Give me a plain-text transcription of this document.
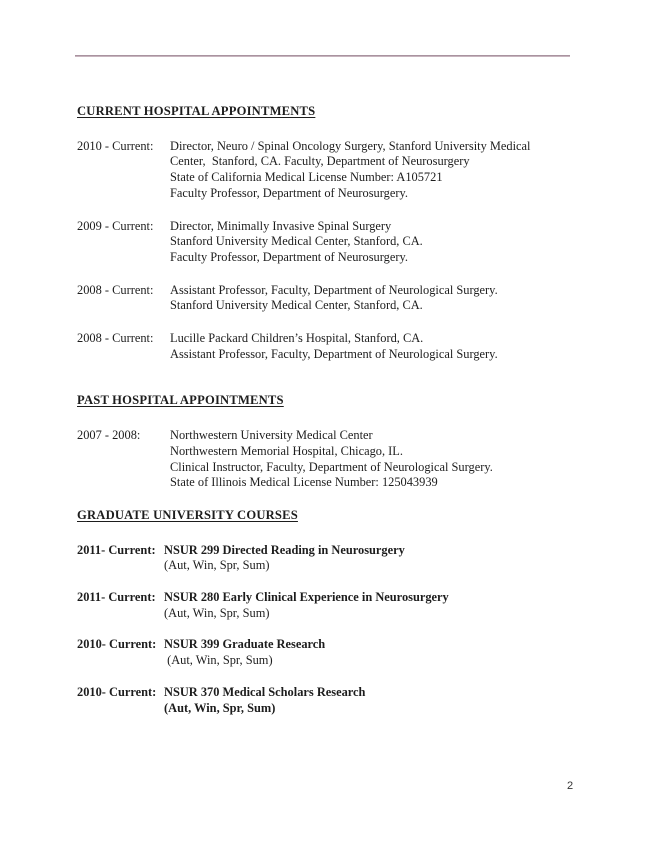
CURRENT HOSPITAL APPOINTMENTS
2010 - Current:	Director, Neuro / Spinal Oncology Surgery, Stanford University Medical
Center,  Stanford, CA. Faculty, Department of Neurosurgery
State of California Medical License Number: A105721
Faculty Professor, Department of Neurosurgery.
2009 - Current:	Director, Minimally Invasive Spinal Surgery
Stanford University Medical Center, Stanford, CA.
Faculty Professor, Department of Neurosurgery.
2008 - Current:	Assistant Professor, Faculty, Department of Neurological Surgery.
Stanford University Medical Center, Stanford, CA.
2008 - Current:	Lucille Packard Children’s Hospital, Stanford, CA.
Assistant Professor, Faculty, Department of Neurological Surgery.
PAST HOSPITAL APPOINTMENTS
2007 - 2008:	Northwestern University Medical Center
Northwestern Memorial Hospital, Chicago, IL.
Clinical Instructor, Faculty, Department of Neurological Surgery.
State of Illinois Medical License Number: 125043939
GRADUATE UNIVERSITY COURSES
2011- Current: NSUR 299 Directed Reading in Neurosurgery
(Aut, Win, Spr, Sum)
2011- Current: NSUR 280 Early Clinical Experience in Neurosurgery
(Aut, Win, Spr, Sum)
2010- Current: NSUR 399 Graduate Research
(Aut, Win, Spr, Sum)
2010- Current: NSUR 370 Medical Scholars Research
(Aut, Win, Spr, Sum)
2
